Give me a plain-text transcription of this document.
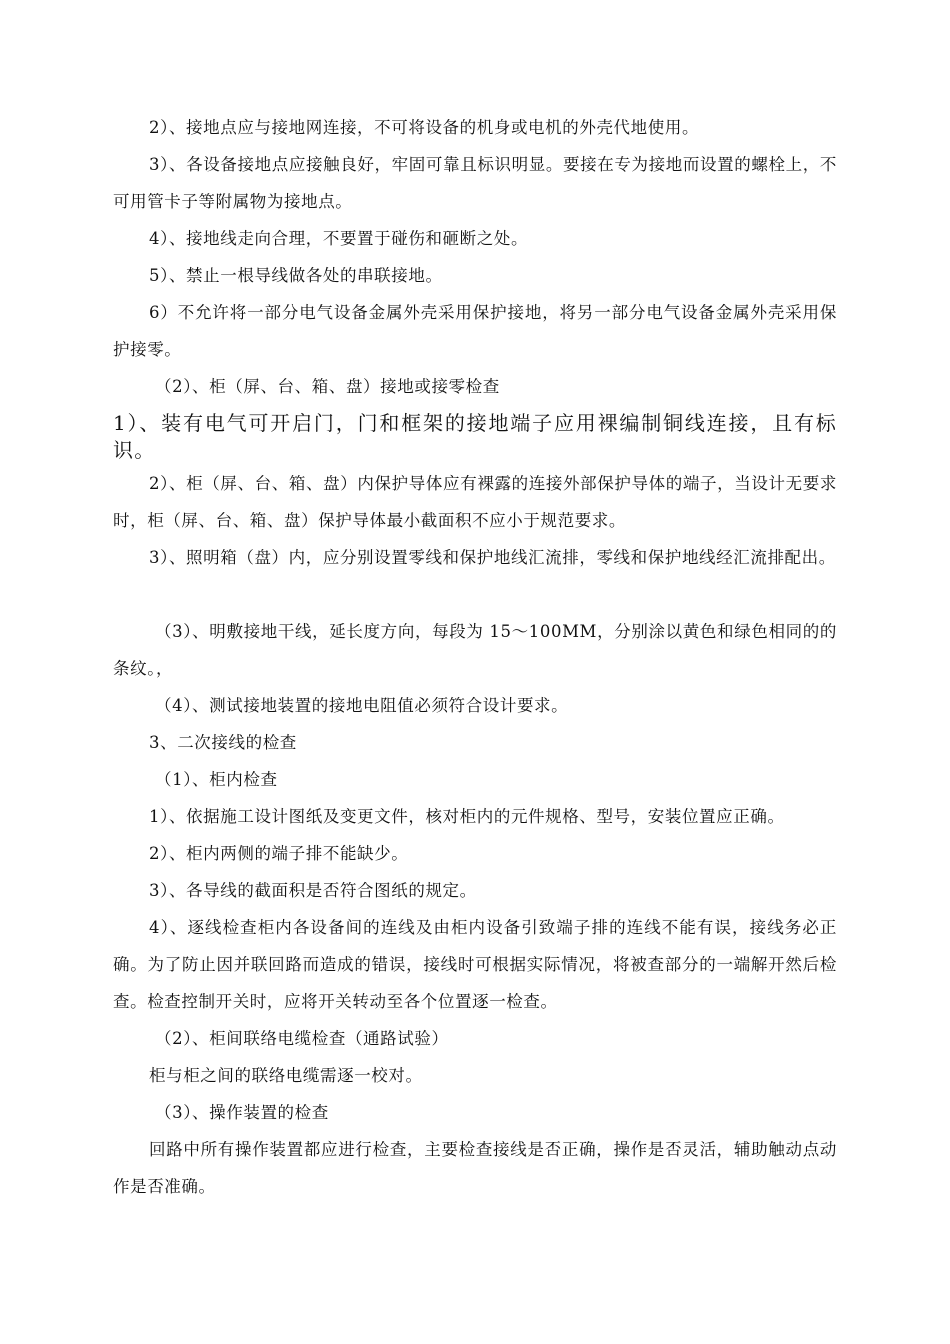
2）、接地点应与接地网连接，不可将设备的机身或电机的外壳代地使用。

3）、各设备接地点应接触良好，牢固可靠且标识明显。要接在专为接地而设置的螺栓上，不可用管卡子等附属物为接地点。

4）、接地线走向合理，不要置于碰伤和砸断之处。

5）、禁止一根导线做各处的串联接地。

6）不允许将一部分电气设备金属外壳采用保护接地，将另一部分电气设备金属外壳采用保护接零。

（2）、柜（屏、台、箱、盘）接地或接零检查

1）、装有电气可开启门，门和框架的接地端子应用裸编制铜线连接，且有标识。

2）、柜（屏、台、箱、盘）内保护导体应有裸露的连接外部保护导体的端子，当设计无要求时，柜（屏、台、箱、盘）保护导体最小截面积不应小于规范要求。

3）、照明箱（盘）内，应分别设置零线和保护地线汇流排，零线和保护地线经汇流排配出。

（3）、明敷接地干线，延长度方向，每段为 15～100MM，分别涂以黄色和绿色相同的的条纹。，

（4）、测试接地装置的接地电阻值必须符合设计要求。

3、二次接线的检查

（1）、柜内检查

1）、依据施工设计图纸及变更文件，核对柜内的元件规格、型号，安装位置应正确。

2）、柜内两侧的端子排不能缺少。

3）、各导线的截面积是否符合图纸的规定。

4）、逐线检查柜内各设备间的连线及由柜内设备引致端子排的连线不能有误，接线务必正确。为了防止因并联回路而造成的错误，接线时可根据实际情况，将被查部分的一端解开然后检查。检查控制开关时，应将开关转动至各个位置逐一检查。

（2）、柜间联络电缆检查（通路试验）

柜与柜之间的联络电缆需逐一校对。

（3）、操作装置的检查

回路中所有操作装置都应进行检查，主要检查接线是否正确，操作是否灵活，辅助触动点动作是否准确。
